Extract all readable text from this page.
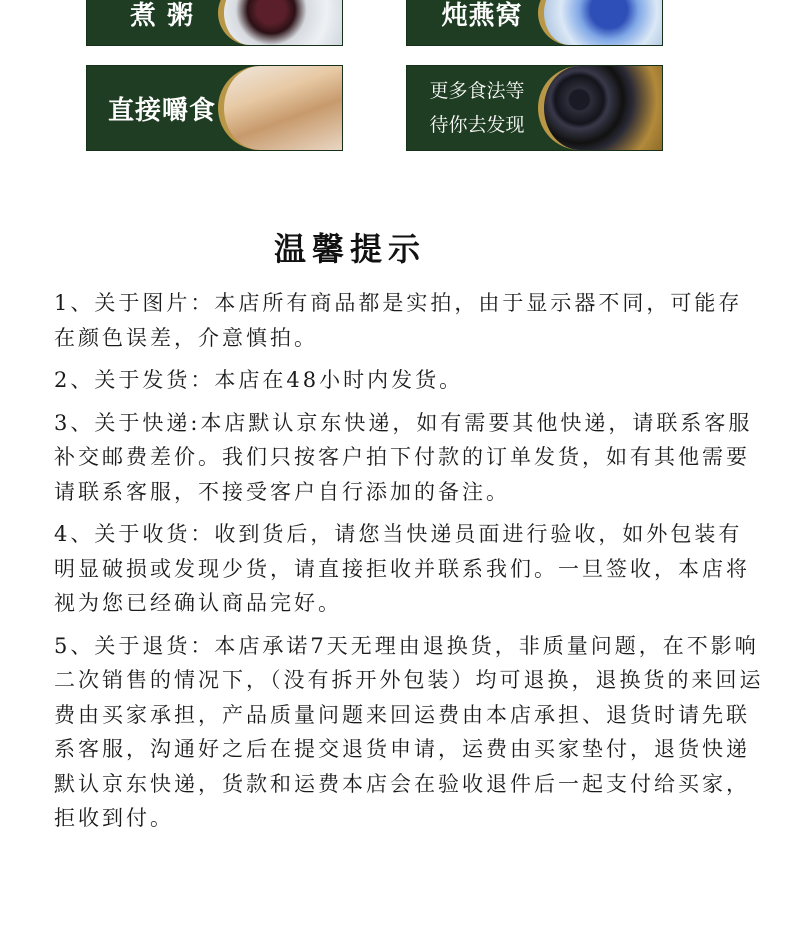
煮 粥	炖燕窝
直接嚼食
更多食法等
待你去发现
温馨提示

1、关于图片：本店所有商品都是实拍，由于显示器不同，可能存在颜色误差，介意慎拍。

2、关于发货：本店在48小时内发货。

3、关于快递:本店默认京东快递，如有需要其他快递，请联系客服补交邮费差价。我们只按客户拍下付款的订单发货，如有其他需要请联系客服，不接受客户自行添加的备注。

4、关于收货：收到货后，请您当快递员面进行验收，如外包装有明显破损或发现少货，请直接拒收并联系我们。一旦签收，本店将视为您已经确认商品完好。

5、关于退货：本店承诺7天无理由退换货，非质量问题，在不影响二次销售的情况下，（没有拆开外包装）均可退换，退换货的来回运费由买家承担，产品质量问题来回运费由本店承担、退货时请先联系客服，沟通好之后在提交退货申请，运费由买家垫付，退货快递默认京东快递，货款和运费本店会在验收退件后一起支付给买家，拒收到付。
